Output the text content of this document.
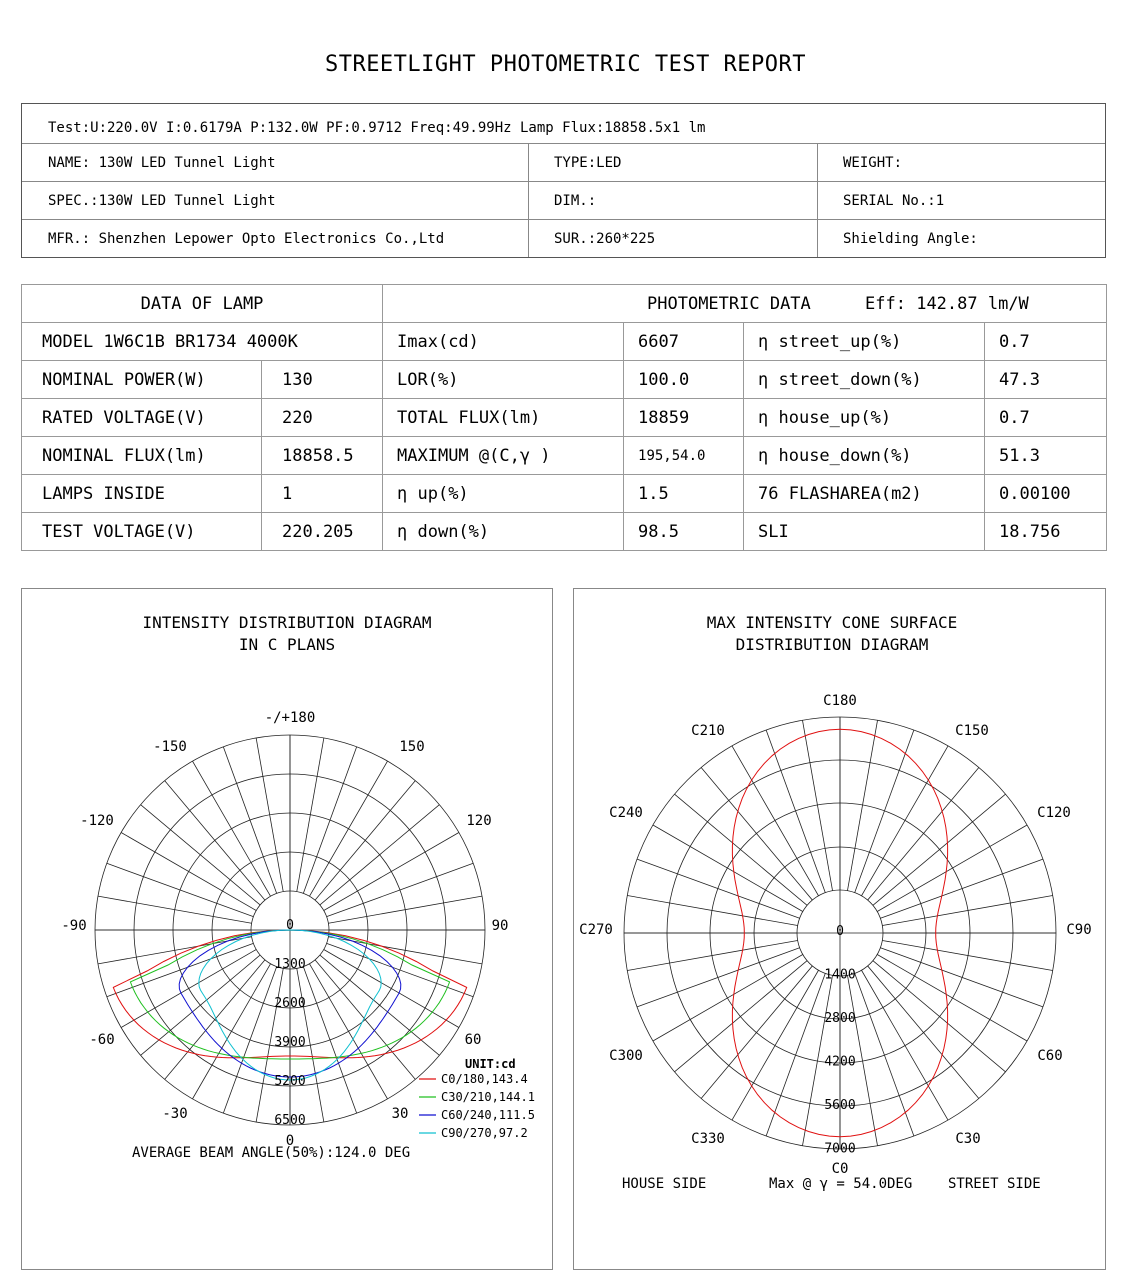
STREETLIGHT PHOTOMETRIC TEST REPORT
Test:U:220.0V I:0.6179A P:132.0W PF:0.9712 Freq:49.99Hz Lamp Flux:18858.5x1 lm
NAME: 130W LED Tunnel Light	TYPE:LED	WEIGHT:
SPEC.:130W LED Tunnel Light	DIM.:	SERIAL No.:1
MFR.: Shenzhen Lepower Opto Electronics Co.,Ltd	SUR.:260*225	Shielding Angle:
DATA OF LAMP		PHOTOMETRIC DATA Eff: 142.87 lm/W			
MODEL 1W6C1B BR1734 4000K		Imax(cd)	6607	η street_up(%)	0.7
NOMINAL POWER(W)	130	LOR(%)	100.0	η street_down(%)	47.3
RATED VOLTAGE(V)	220	TOTAL FLUX(lm)	18859	η house_up(%)	0.7
NOMINAL FLUX(lm)	18858.5	MAXIMUM @(C,γ )	195,54.0	η house_down(%)	51.3
LAMPS INSIDE	1	η up(%)	1.5	76 FLASHAREA(m2)	0.00100
TEST VOLTAGE(V)	220.205	η down(%)	98.5	SLI	18.756
INTENSITY DISTRIBUTION DIAGRAM
IN C PLANS
-/+180
150
120
90
60
30
0
-30
-60
-90
-120
-150
0
1300
2600
3900
5200
6500
UNIT:cd
C0/180,143.4
C30/210,144.1
C60/240,111.5
C90/270,97.2
AVERAGE BEAM ANGLE(50%):124.0 DEG
MAX INTENSITY CONE SURFACE
DISTRIBUTION DIAGRAM
C180
C150
C120
C90
C60
C30
C0
C330
C300
C270
C240
C210
0
1400
2800
4200
5600
7000
HOUSE SIDE	Max @ γ = 54.0DEG	STREET SIDE
